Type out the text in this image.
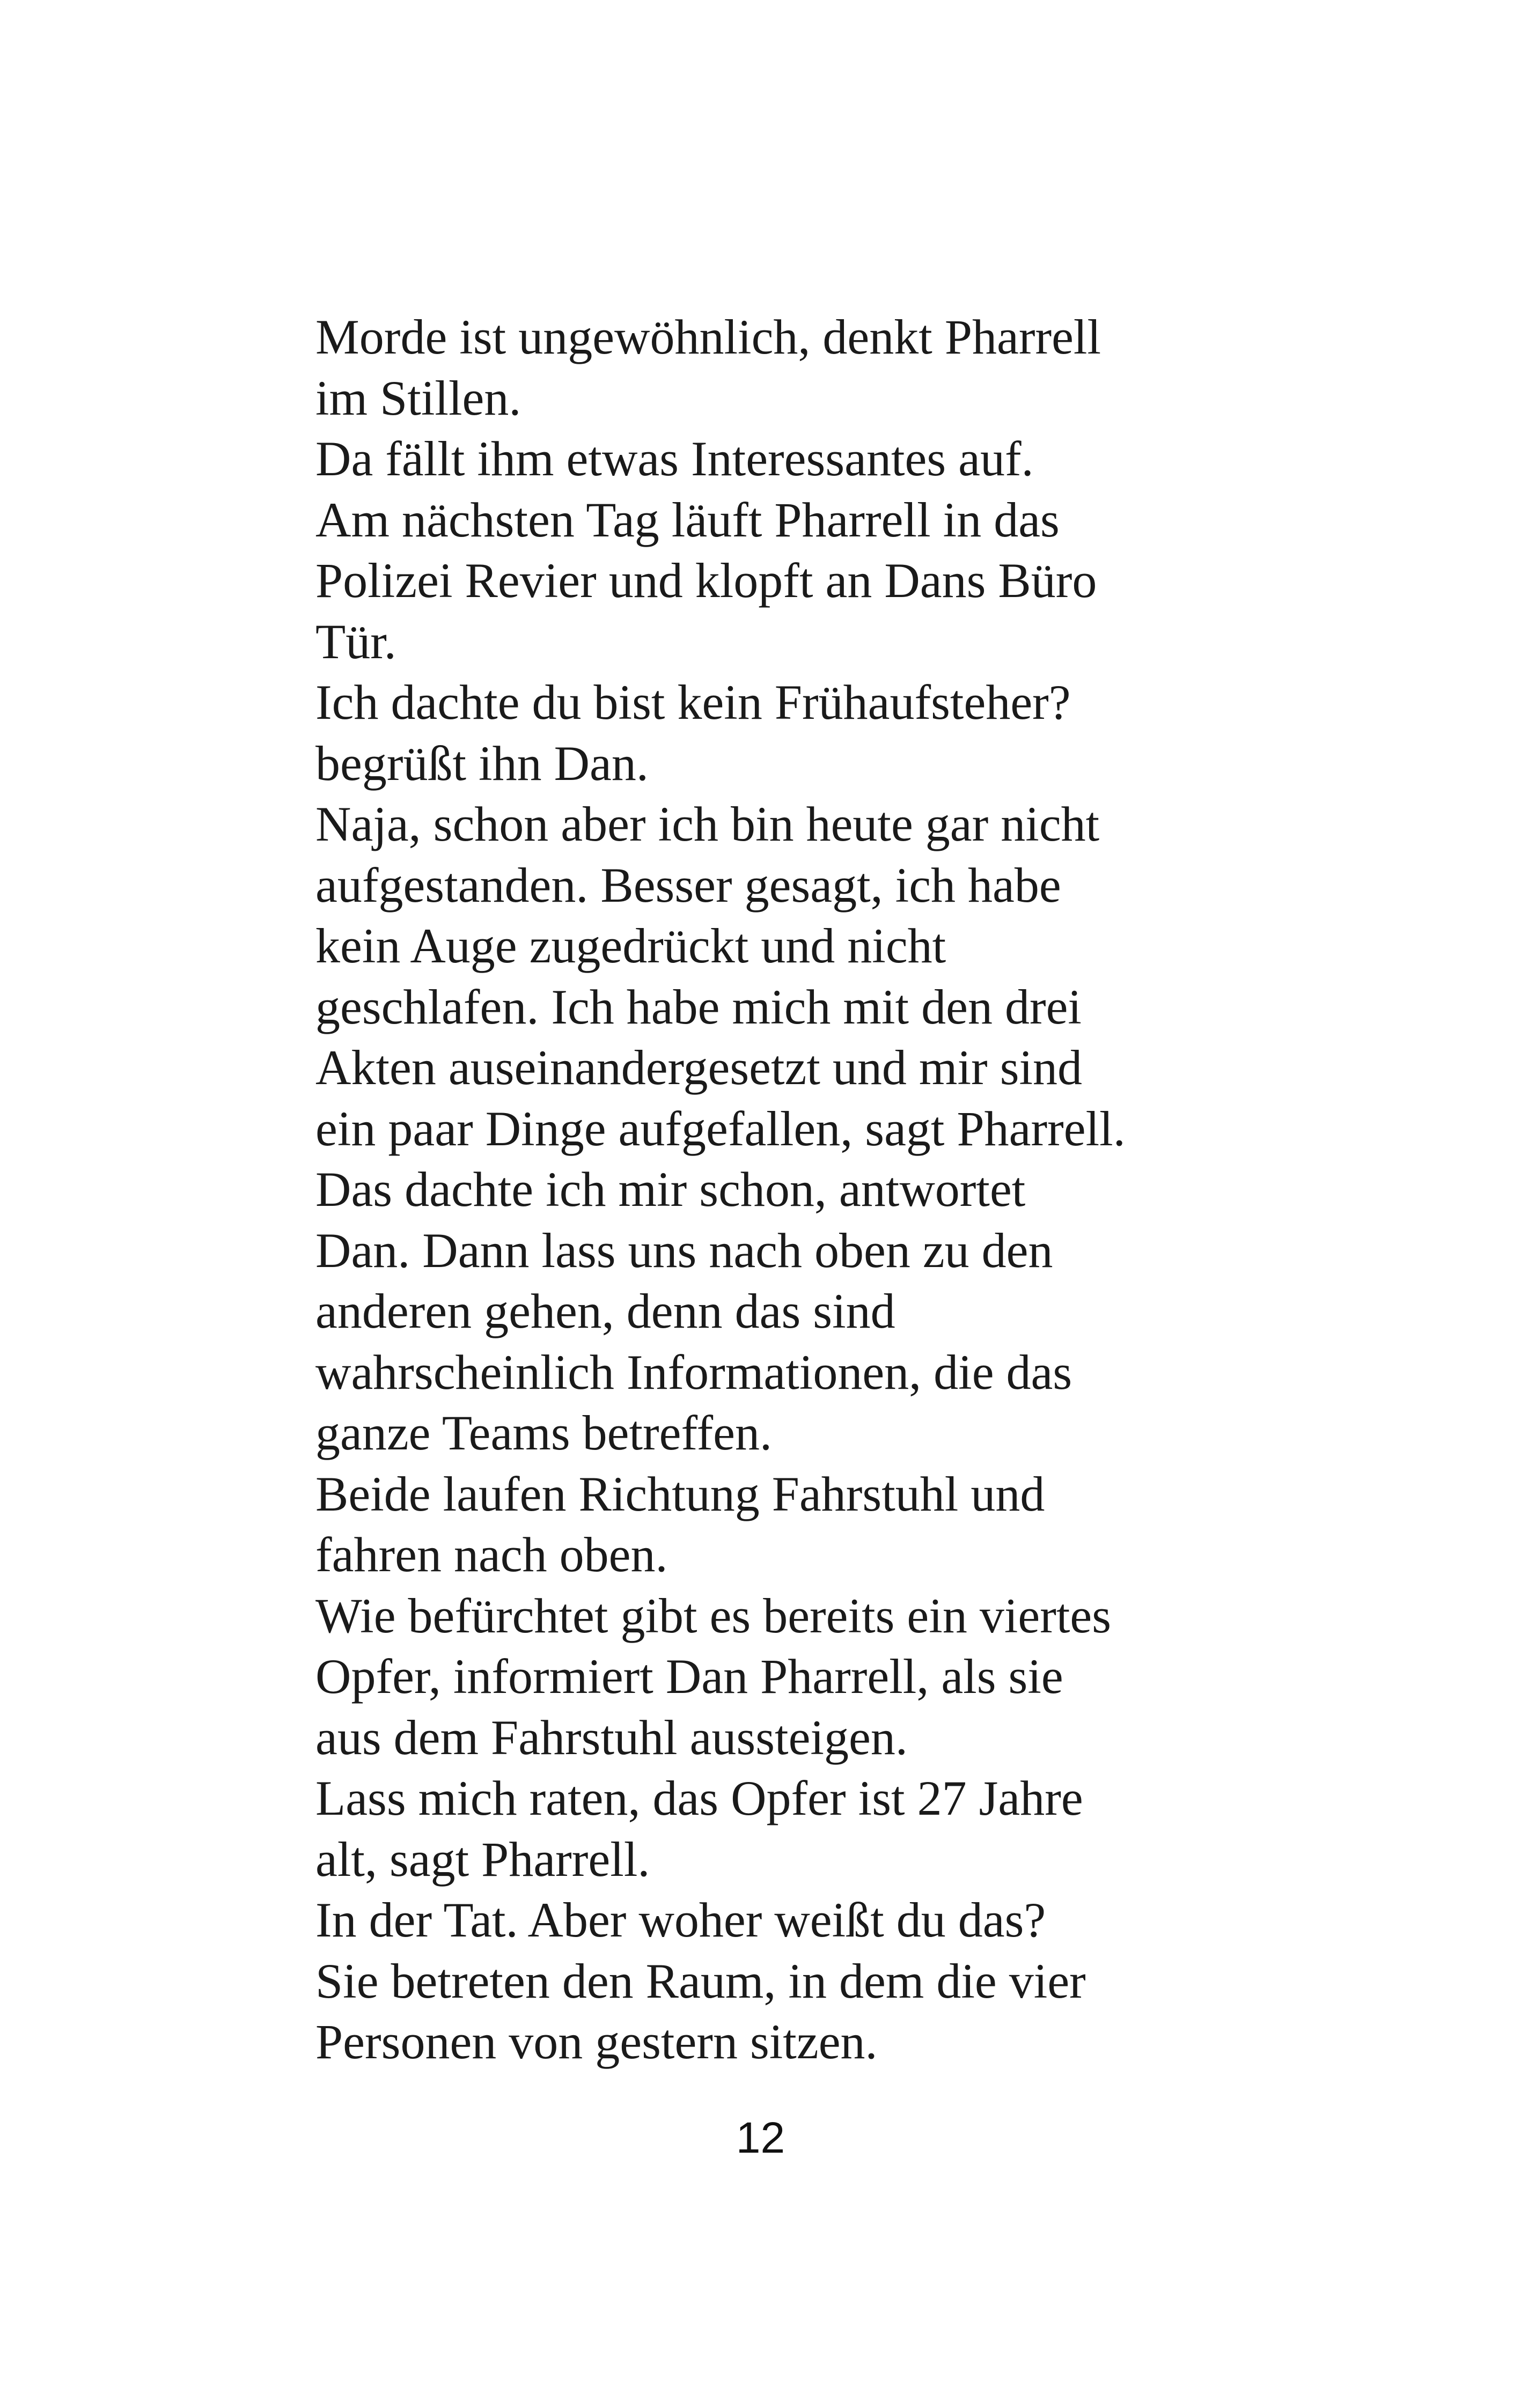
Morde ist ungewöhnlich, denkt Pharrell
im Stillen.
Da fällt ihm etwas Interessantes auf.
Am nächsten Tag läuft Pharrell in das
Polizei Revier und klopft an Dans Büro
Tür.
Ich dachte du bist kein Frühaufsteher?
begrüßt ihn Dan.
Naja, schon aber ich bin heute gar nicht
aufgestanden. Besser gesagt, ich habe
kein Auge zugedrückt und nicht
geschlafen. Ich habe mich mit den drei
Akten auseinandergesetzt und mir sind
ein paar Dinge aufgefallen, sagt Pharrell.
Das dachte ich mir schon, antwortet
Dan. Dann lass uns nach oben zu den
anderen gehen, denn das sind
wahrscheinlich Informationen, die das
ganze Teams betreffen.
Beide laufen Richtung Fahrstuhl und
fahren nach oben.
Wie befürchtet gibt es bereits ein viertes
Opfer, informiert Dan Pharrell, als sie
aus dem Fahrstuhl aussteigen.
Lass mich raten, das Opfer ist 27 Jahre
alt, sagt Pharrell.
In der Tat. Aber woher weißt du das?
Sie betreten den Raum, in dem die vier
Personen von gestern sitzen.
12
